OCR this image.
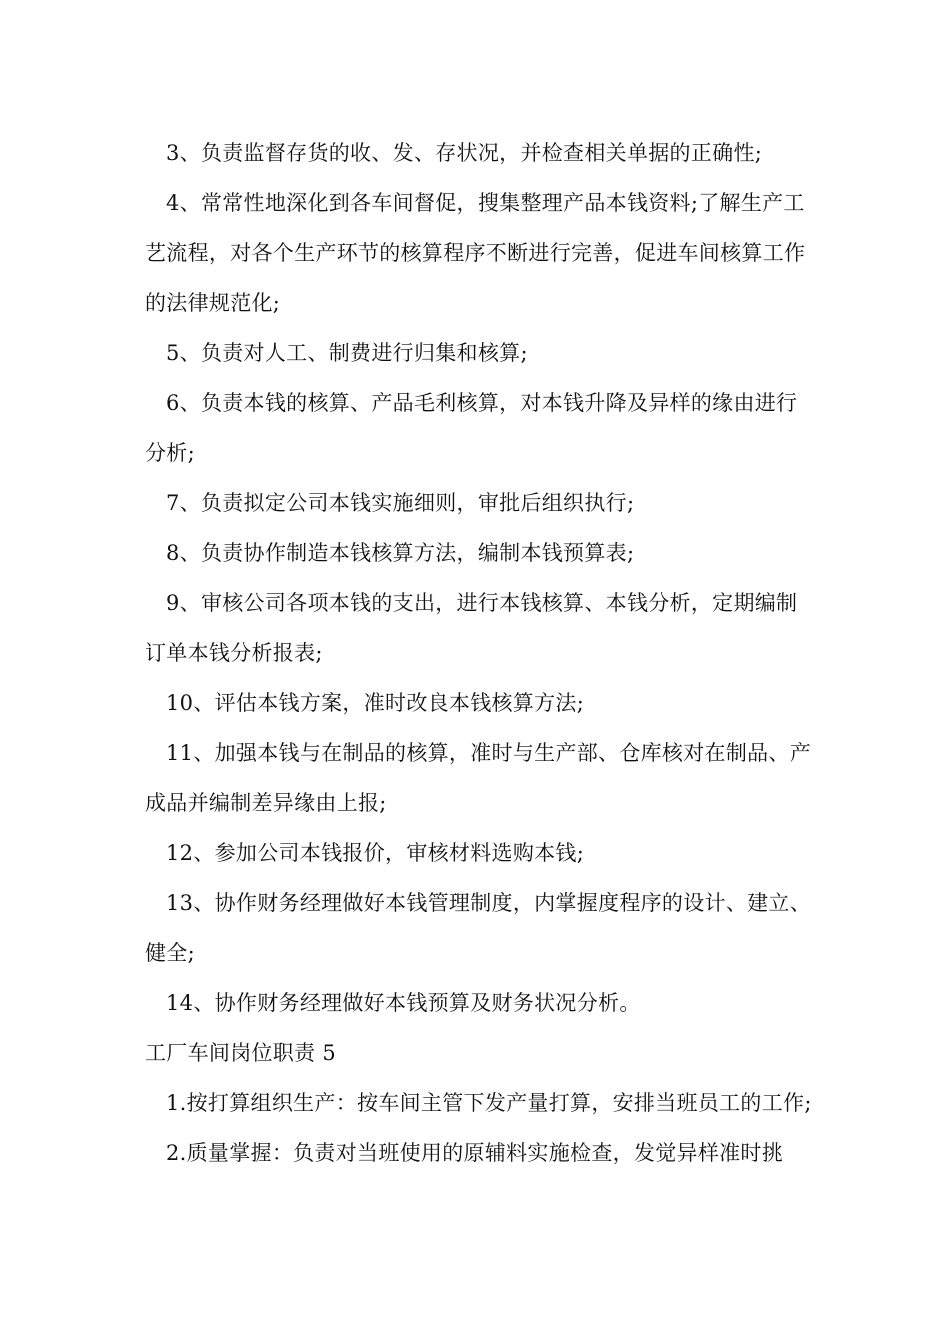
3、负责监督存货的收、发、存状况，并检查相关单据的正确性;

4、常常性地深化到各车间督促，搜集整理产品本钱资料;了解生产工艺流程，对各个生产环节的核算程序不断进行完善，促进车间核算工作的法律规范化;

5、负责对人工、制费进行归集和核算;

6、负责本钱的核算、产品毛利核算，对本钱升降及异样的缘由进行分析;

7、负责拟定公司本钱实施细则，审批后组织执行;

8、负责协作制造本钱核算方法，编制本钱预算表;

9、审核公司各项本钱的支出，进行本钱核算、本钱分析，定期编制订单本钱分析报表;

10、评估本钱方案，准时改良本钱核算方法;

11、加强本钱与在制品的核算，准时与生产部、仓库核对在制品、产成品并编制差异缘由上报;

12、参加公司本钱报价，审核材料选购本钱;

13、协作财务经理做好本钱管理制度，内掌握度程序的设计、建立、健全;

14、协作财务经理做好本钱预算及财务状况分析。

工厂车间岗位职责 5

1.按打算组织生产：按车间主管下发产量打算，安排当班员工的工作;

2.质量掌握：负责对当班使用的原辅料实施检查，发觉异样准时挑
